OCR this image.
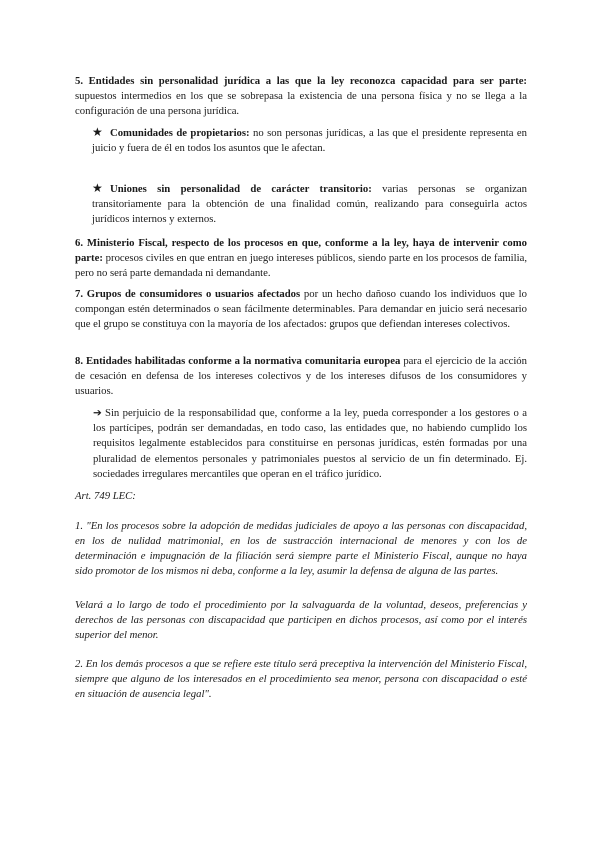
5. Entidades sin personalidad jurídica a las que la ley reconozca capacidad para ser parte: supuestos intermedios en los que se sobrepasa la existencia de una persona física y no se llega a la configuración de una persona jurídica.

★ Comunidades de propietarios: no son personas jurídicas, a las que el presidente representa en juicio y fuera de él en todos los asuntos que le afectan.
★ Uniones sin personalidad de carácter transitorio: varias personas se organizan transitoriamente para la obtención de una finalidad común, realizando para conseguirla actos jurídicos internos y externos.

6. Ministerio Fiscal, respecto de los procesos en que, conforme a la ley, haya de intervenir como parte: procesos civiles en que entran en juego intereses públicos, siendo parte en los procesos de familia, pero no será parte demandada ni demandante.

7. Grupos de consumidores o usuarios afectados por un hecho dañoso cuando los individuos que lo compongan estén determinados o sean fácilmente determinables. Para demandar en juicio será necesario que el grupo se constituya con la mayoría de los afectados: grupos que defiendan intereses colectivos.

8. Entidades habilitadas conforme a la normativa comunitaria europea para el ejercicio de la acción de cesación en defensa de los intereses colectivos y de los intereses difusos de los consumidores y usuarios.

➔ Sin perjuicio de la responsabilidad que, conforme a la ley, pueda corresponder a los gestores o a los partícipes, podrán ser demandadas, en todo caso, las entidades que, no habiendo cumplido los requisitos legalmente establecidos para constituirse en personas jurídicas, estén formadas por una pluralidad de elementos personales y patrimoniales puestos al servicio de un fin determinado. Ej. sociedades irregulares mercantiles que operan en el tráfico jurídico.
Art. 749 LEC:

1. "En los procesos sobre la adopción de medidas judiciales de apoyo a las personas con discapacidad, en los de nulidad matrimonial, en los de sustracción internacional de menores y con los de determinación e impugnación de la filiación será siempre parte el Ministerio Fiscal, aunque no haya sido promotor de los mismos ni deba, conforme a la ley, asumir la defensa de alguna de las partes.

Velará a lo largo de todo el procedimiento por la salvaguarda de la voluntad, deseos, preferencias y derechos de las personas con discapacidad que participen en dichos procesos, así como por el interés superior del menor.

2. En los demás procesos a que se refiere este título será preceptiva la intervención del Ministerio Fiscal, siempre que alguno de los interesados en el procedimiento sea menor, persona con discapacidad o esté en situación de ausencia legal".
